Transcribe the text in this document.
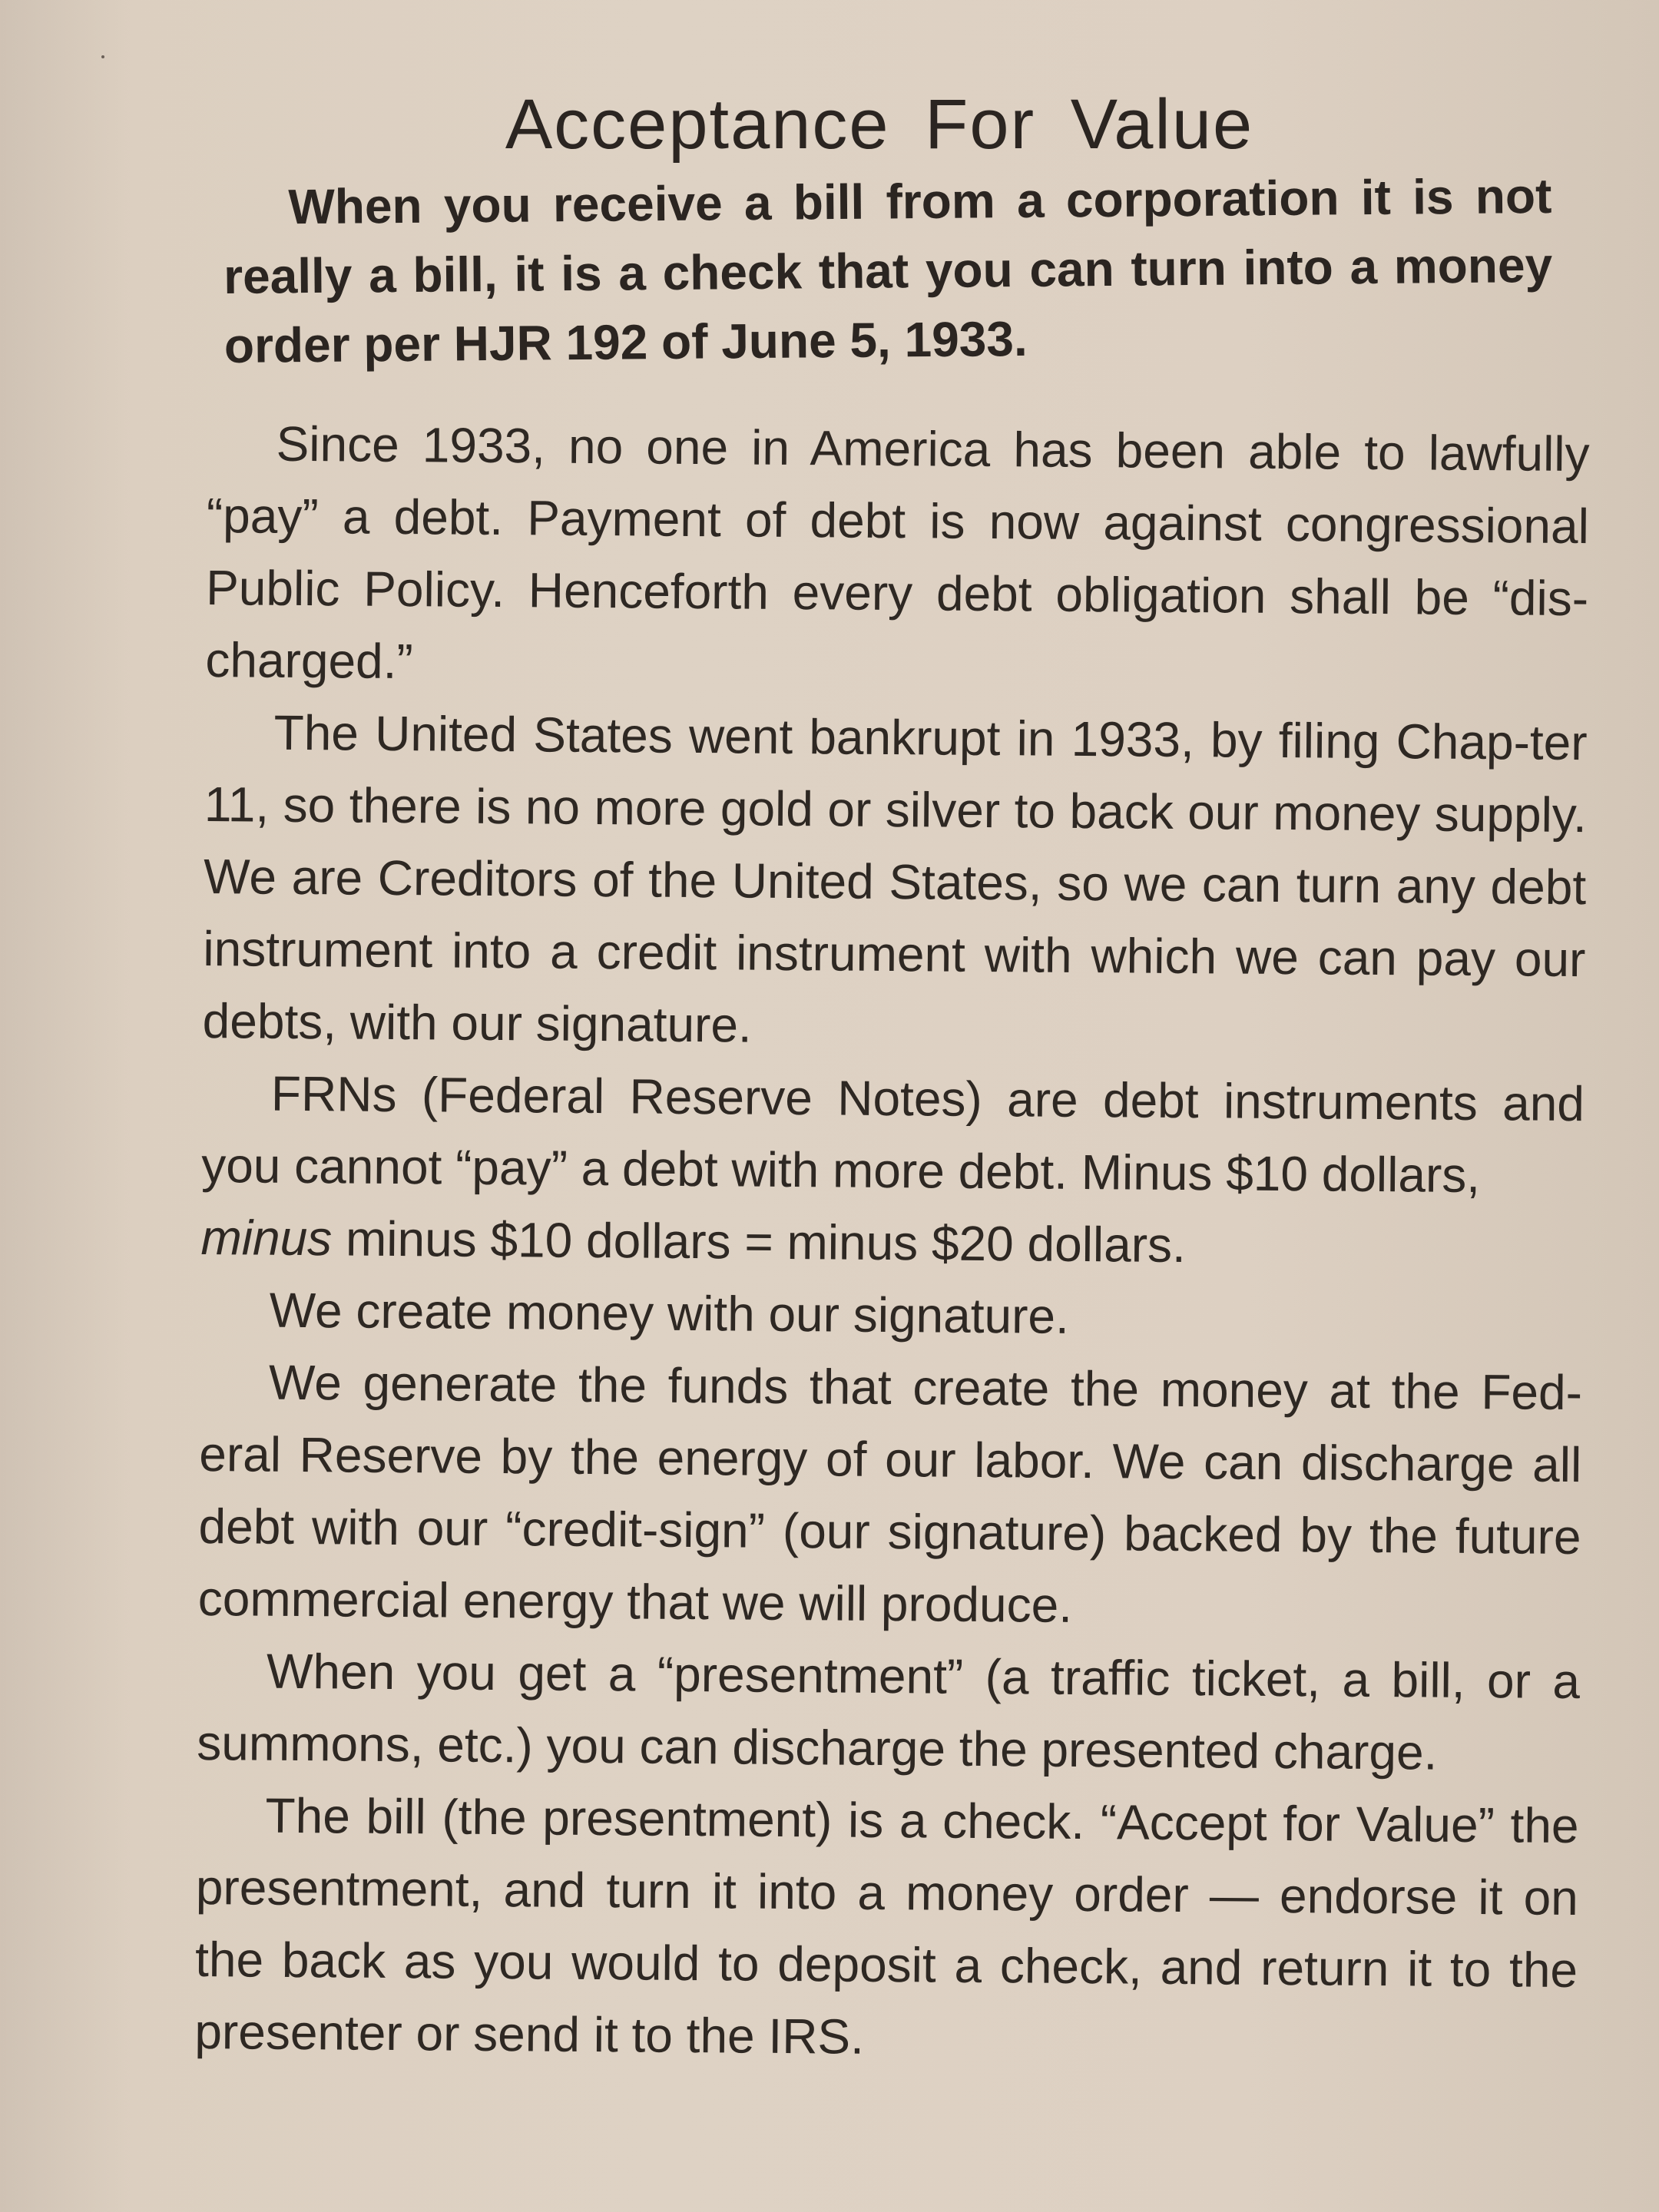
Acceptance For Value
When you receive a bill from a corporation it is not really a bill, it is a check that you can turn into a money order per HJR 192 of June 5, 1933.

Since 1933, no one in America has been able to lawfully “pay” a debt. Payment of debt is now against congressional Public Policy. Henceforth every debt obligation shall be “dis-charged.”

The United States went bankrupt in 1933, by filing Chap-ter 11, so there is no more gold or silver to back our money supply. We are Creditors of the United States, so we can turn any debt instrument into a credit instrument with which we can pay our debts, with our signature.

FRNs (Federal Reserve Notes) are debt instruments and you cannot “pay” a debt with more debt. Minus $10 dollars,
minus minus $10 dollars = minus $20 dollars.

We create money with our signature.

We generate the funds that create the money at the Fed-eral Reserve by the energy of our labor. We can discharge all debt with our “credit-sign” (our signature) backed by the future commercial energy that we will produce.

When you get a “presentment” (a traffic ticket, a bill, or a summons, etc.) you can discharge the presented charge.

The bill (the presentment) is a check. “Accept for Value” the presentment, and turn it into a money order — endorse it on the back as you would to deposit a check, and return it to the presenter or send it to the IRS.
